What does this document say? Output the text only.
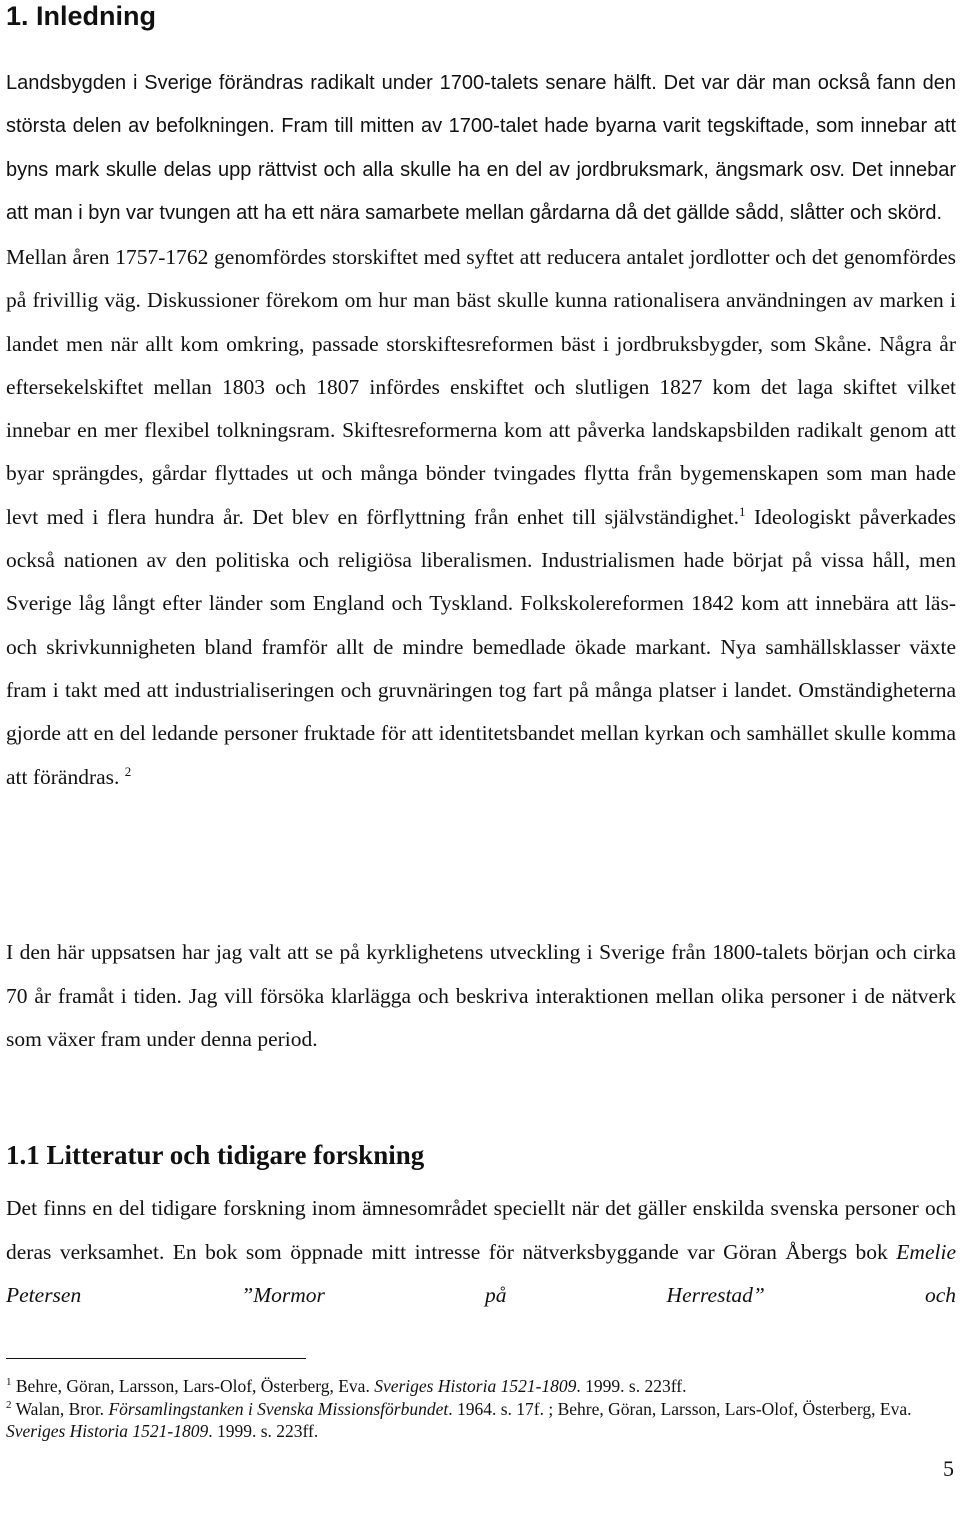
1. Inledning

Landsbygden i Sverige förändras radikalt under 1700-talets senare hälft. Det var där man också fann den största delen av befolkningen. Fram till mitten av 1700-talet hade byarna varit tegskiftade, som innebar att byns mark skulle delas upp rättvist och alla skulle ha en del av jordbruksmark, ängsmark osv. Det innebar att man i byn var tvungen att ha ett nära samarbete mellan gårdarna då det gällde sådd, slåtter och skörd.

Mellan åren 1757-1762 genomfördes storskiftet med syftet att reducera antalet jordlotter och det genomfördes på frivillig väg. Diskussioner förekom om hur man bäst skulle kunna rationalisera användningen av marken i landet men när allt kom omkring, passade storskiftesreformen bäst i jordbruksbygder, som Skåne. Några år eftersekelskiftet mellan 1803 och 1807 infördes enskiftet och slutligen 1827 kom det laga skiftet vilket innebar en mer flexibel tolkningsram. Skiftesreformerna kom att påverka landskapsbilden radikalt genom att byar sprängdes, gårdar flyttades ut och många bönder tvingades flytta från bygemenskapen som man hade levt med i flera hundra år. Det blev en förflyttning från enhet till självständighet.$^1$ Ideologiskt påverkades också nationen av den politiska och religiösa liberalismen. Industrialismen hade börjat på vissa håll, men Sverige låg långt efter länder som England och Tyskland. Folkskolereformen 1842 kom att innebära att läs- och skrivkunnigheten bland framför allt de mindre bemedlade ökade markant. Nya samhällsklasser växte fram i takt med att industrialiseringen och gruvnäringen tog fart på många platser i landet. Omständigheterna gjorde att en del ledande personer fruktade för att identitetsbandet mellan kyrkan och samhället skulle komma att förändras. $^2$

I den här uppsatsen har jag valt att se på kyrklighetens utveckling i Sverige från 1800-talets början och cirka 70 år framåt i tiden. Jag vill försöka klarlägga och beskriva interaktionen mellan olika personer i de nätverk som växer fram under denna period.

1.1 Litteratur och tidigare forskning

Det finns en del tidigare forskning inom ämnesområdet speciellt när det gäller enskilda svenska personer och deras verksamhet. En bok som öppnade mitt intresse för nätverksbyggande var Göran Åbergs bok Emelie Petersen ”Mormor på Herrestad” och

$^1$ Behre, Göran, Larsson, Lars-Olof, Österberg, Eva. Sveriges Historia 1521-1809. 1999. s. 223ff.

$^2$ Walan, Bror. Församlingstanken i Svenska Missionsförbundet. 1964. s. 17f. ; Behre, Göran, Larsson, Lars-Olof, Österberg, Eva. Sveriges Historia 1521-1809. 1999. s. 223ff.

5
